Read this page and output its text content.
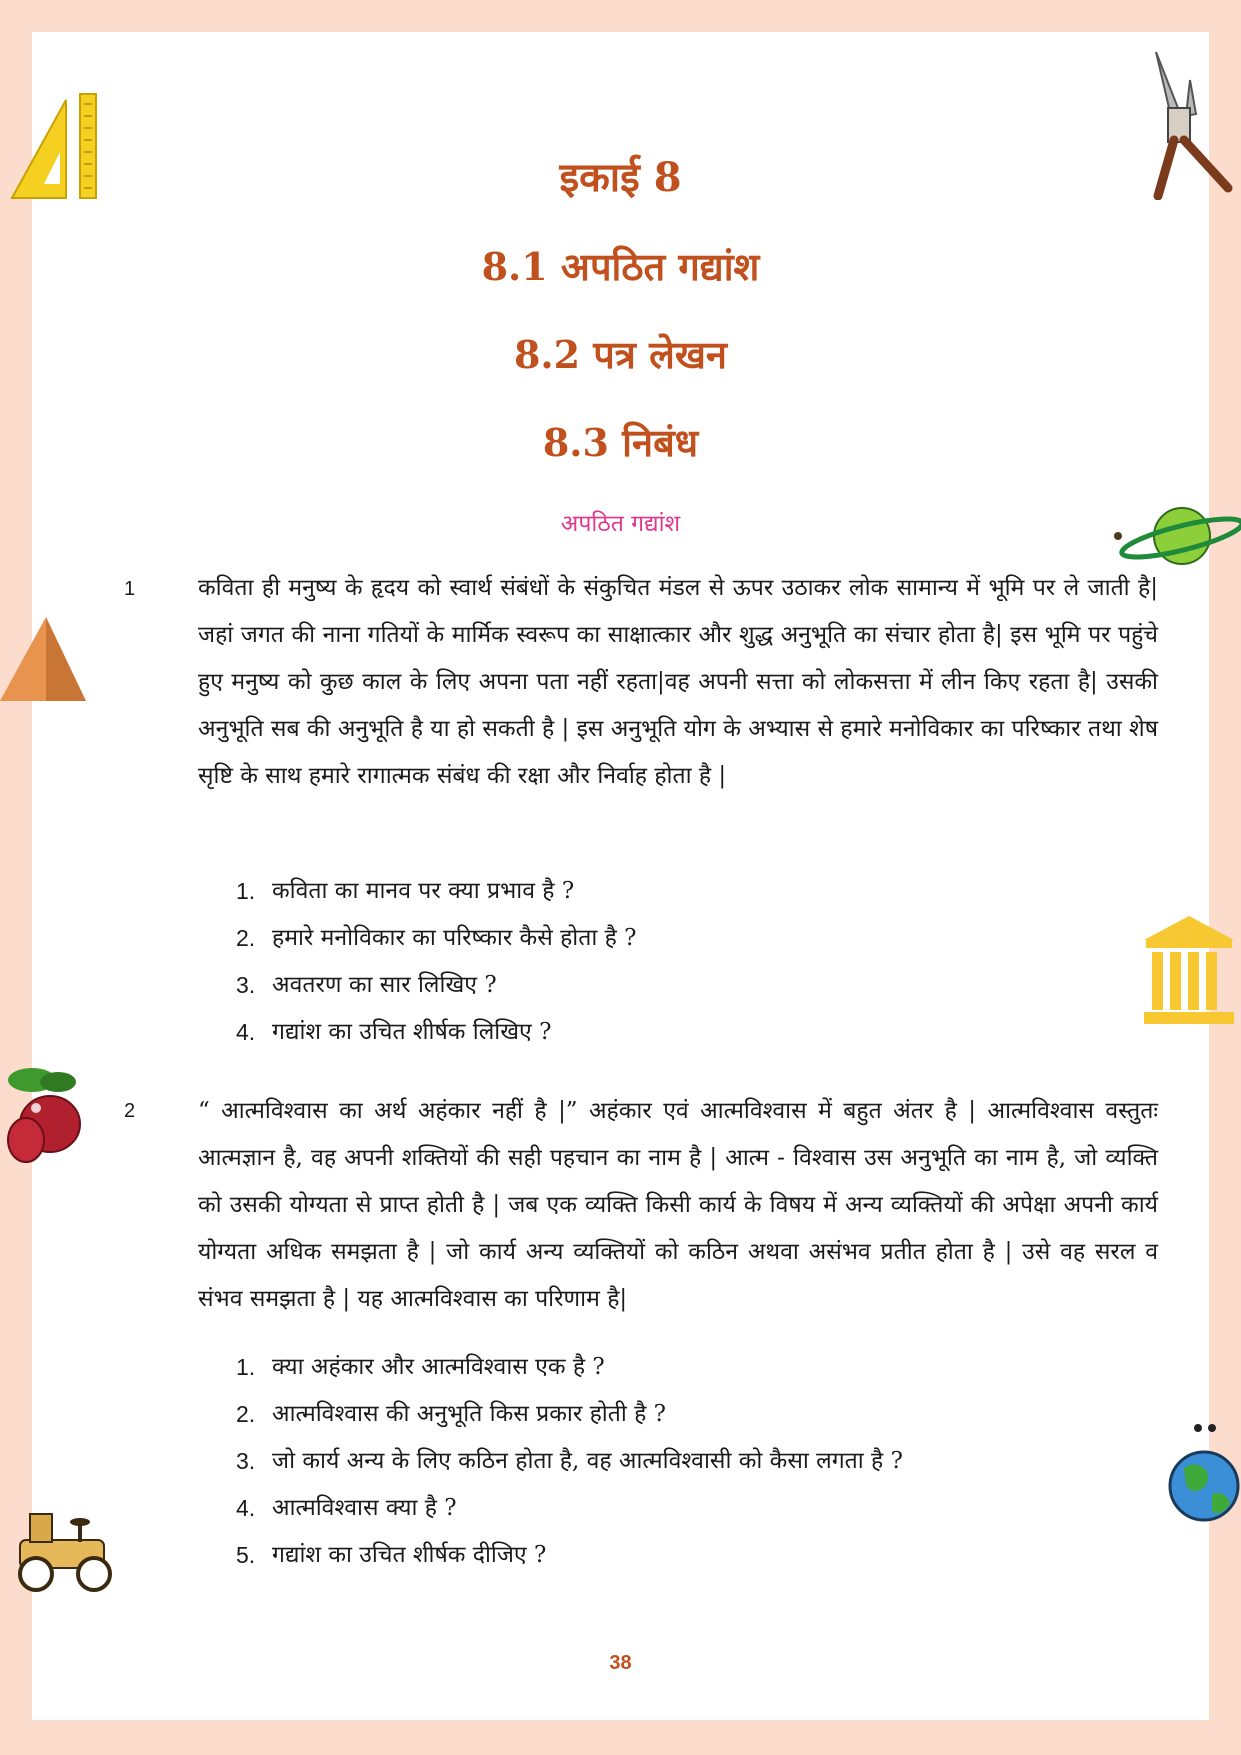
इकाई 8
8.1 अपठित गद्यांश
8.2 पत्र लेखन
8.3 निबंध
अपठित गद्यांश
1	कविता ही मनुष्य के हृदय को स्वार्थ संबंधों के संकुचित मंडल से ऊपर उठाकर लोक सामान्य में भूमि पर ले जाती है| जहां जगत की नाना गतियों के मार्मिक स्वरूप का साक्षात्कार और शुद्ध अनुभूति का संचार होता है| इस भूमि पर पहुंचे हुए मनुष्य को कुछ काल के लिए अपना पता नहीं रहता|वह अपनी सत्ता को लोकसत्ता में लीन किए रहता है| उसकी अनुभूति सब की अनुभूति है या हो सकती है | इस अनुभूति योग के अभ्यास से हमारे मनोविकार का परिष्कार तथा शेष सृष्टि के साथ हमारे रागात्मक संबंध की रक्षा और निर्वाह होता है |

1. कविता का मानव पर क्या प्रभाव है ?
2. हमारे मनोविकार का परिष्कार कैसे होता है ?
3. अवतरण का सार लिखिए ?
4. गद्यांश का उचित शीर्षक लिखिए ?
2	“ आत्मविश्वास का अर्थ अहंकार नहीं है |” अहंकार एवं आत्मविश्वास में बहुत अंतर है | आत्मविश्वास वस्तुतः आत्मज्ञान है, वह अपनी शक्तियों की सही पहचान का नाम है | आत्म - विश्वास उस अनुभूति का नाम है, जो व्यक्ति को उसकी योग्यता से प्राप्त होती है | जब एक व्यक्ति किसी कार्य के विषय में अन्य व्यक्तियों की अपेक्षा अपनी कार्य योग्यता अधिक समझता है | जो कार्य अन्य व्यक्तियों को कठिन अथवा असंभव प्रतीत होता है | उसे वह सरल व संभव समझता है | यह आत्मविश्वास का परिणाम है|

1. क्या अहंकार और आत्मविश्वास एक है ?
2. आत्मविश्वास की अनुभूति किस प्रकार होती है ?
3. जो कार्य अन्य के लिए कठिन होता है, वह आत्मविश्वासी को कैसा लगता है ?
4. आत्मविश्वास क्या है ?
5. गद्यांश का उचित शीर्षक दीजिए ?
38
